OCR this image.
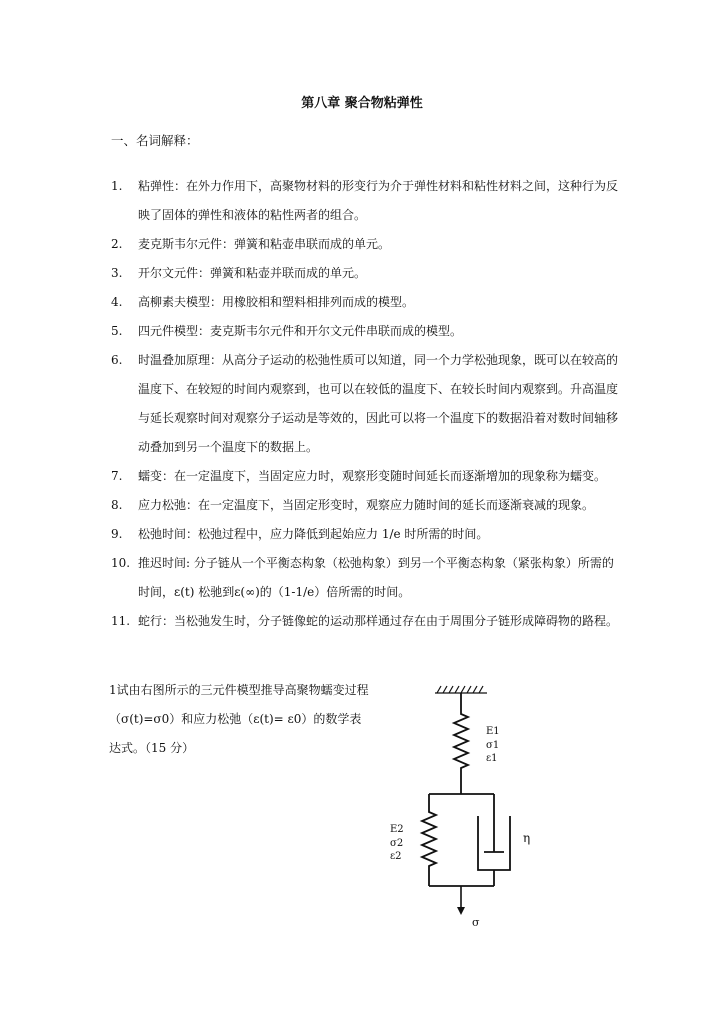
第八章 聚合物粘弹性
一、名词解释：
1. 粘弹性：在外力作用下，高聚物材料的形变行为介于弹性材料和粘性材料之间，这种行为反映了固体的弹性和液体的粘性两者的组合。
2. 麦克斯韦尔元件：弹簧和粘壶串联而成的单元。
3. 开尔文元件：弹簧和粘壶并联而成的单元。
4. 高柳素夫模型：用橡胶相和塑料相排列而成的模型。
5. 四元件模型：麦克斯韦尔元件和开尔文元件串联而成的模型。
6. 时温叠加原理：从高分子运动的松弛性质可以知道，同一个力学松弛现象，既可以在较高的温度下、在较短的时间内观察到，也可以在较低的温度下、在较长时间内观察到。升高温度与延长观察时间对观察分子运动是等效的，因此可以将一个温度下的数据沿着对数时间轴移动叠加到另一个温度下的数据上。
7. 蠕变：在一定温度下，当固定应力时，观察形变随时间延长而逐渐增加的现象称为蠕变。
8. 应力松弛：在一定温度下，当固定形变时，观察应力随时间的延长而逐渐衰减的现象。
9. 松弛时间：松弛过程中，应力降低到起始应力 1/e 时所需的时间。
10. 推迟时间: 分子链从一个平衡态构象（松弛构象）到另一个平衡态构象（紧张构象）所需的时间，ε(t) 松驰到ε(∞)的（1-1/e）倍所需的时间。
11. 蛇行：当松弛发生时，分子链像蛇的运动那样通过存在由于周围分子链形成障碍物的路程。
1试由右图所示的三元件模型推导高聚物蠕变过程（σ(t)=σ0）和应力松弛（ε(t)= ε0）的数学表达式。（15 分）
E1
σ1
ε1
E2
σ2
ε2
η
σ
